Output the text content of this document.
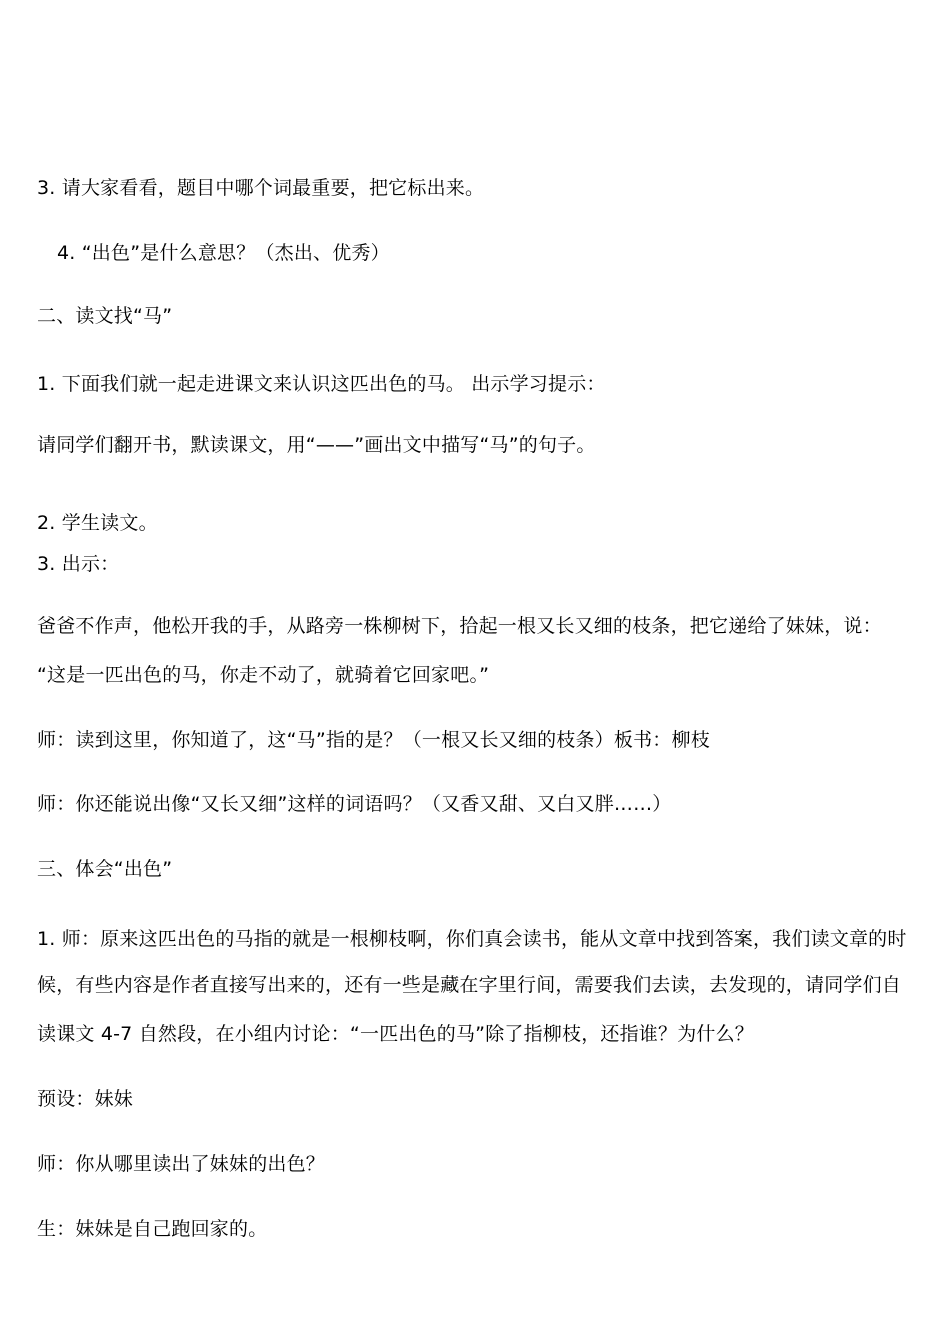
3. 请大家看看，题目中哪个词最重要，把它标出来。
4. “出色”是什么意思？（杰出、优秀）
二、读文找“马”
1. 下面我们就一起走进课文来认识这匹出色的马。 出示学习提示：
请同学们翻开书，默读课文，用“——”画出文中描写“马”的句子。
2. 学生读文。
3. 出示：
爸爸不作声，他松开我的手，从路旁一株柳树下，拾起一根又长又细的枝条，把它递给了妹妹，说：
“这是一匹出色的马，你走不动了，就骑着它回家吧。”
师：读到这里，你知道了，这“马”指的是？（一根又长又细的枝条）板书：柳枝
师：你还能说出像“又长又细”这样的词语吗？（又香又甜、又白又胖……）
三、体会“出色”
1. 师：原来这匹出色的马指的就是一根柳枝啊，你们真会读书，能从文章中找到答案，我们读文章的时
候，有些内容是作者直接写出来的，还有一些是藏在字里行间，需要我们去读，去发现的，请同学们自
读课文 4-7 自然段，在小组内讨论：“一匹出色的马”除了指柳枝，还指谁？为什么？
预设：妹妹
师：你从哪里读出了妹妹的出色？
生：妹妹是自己跑回家的。
